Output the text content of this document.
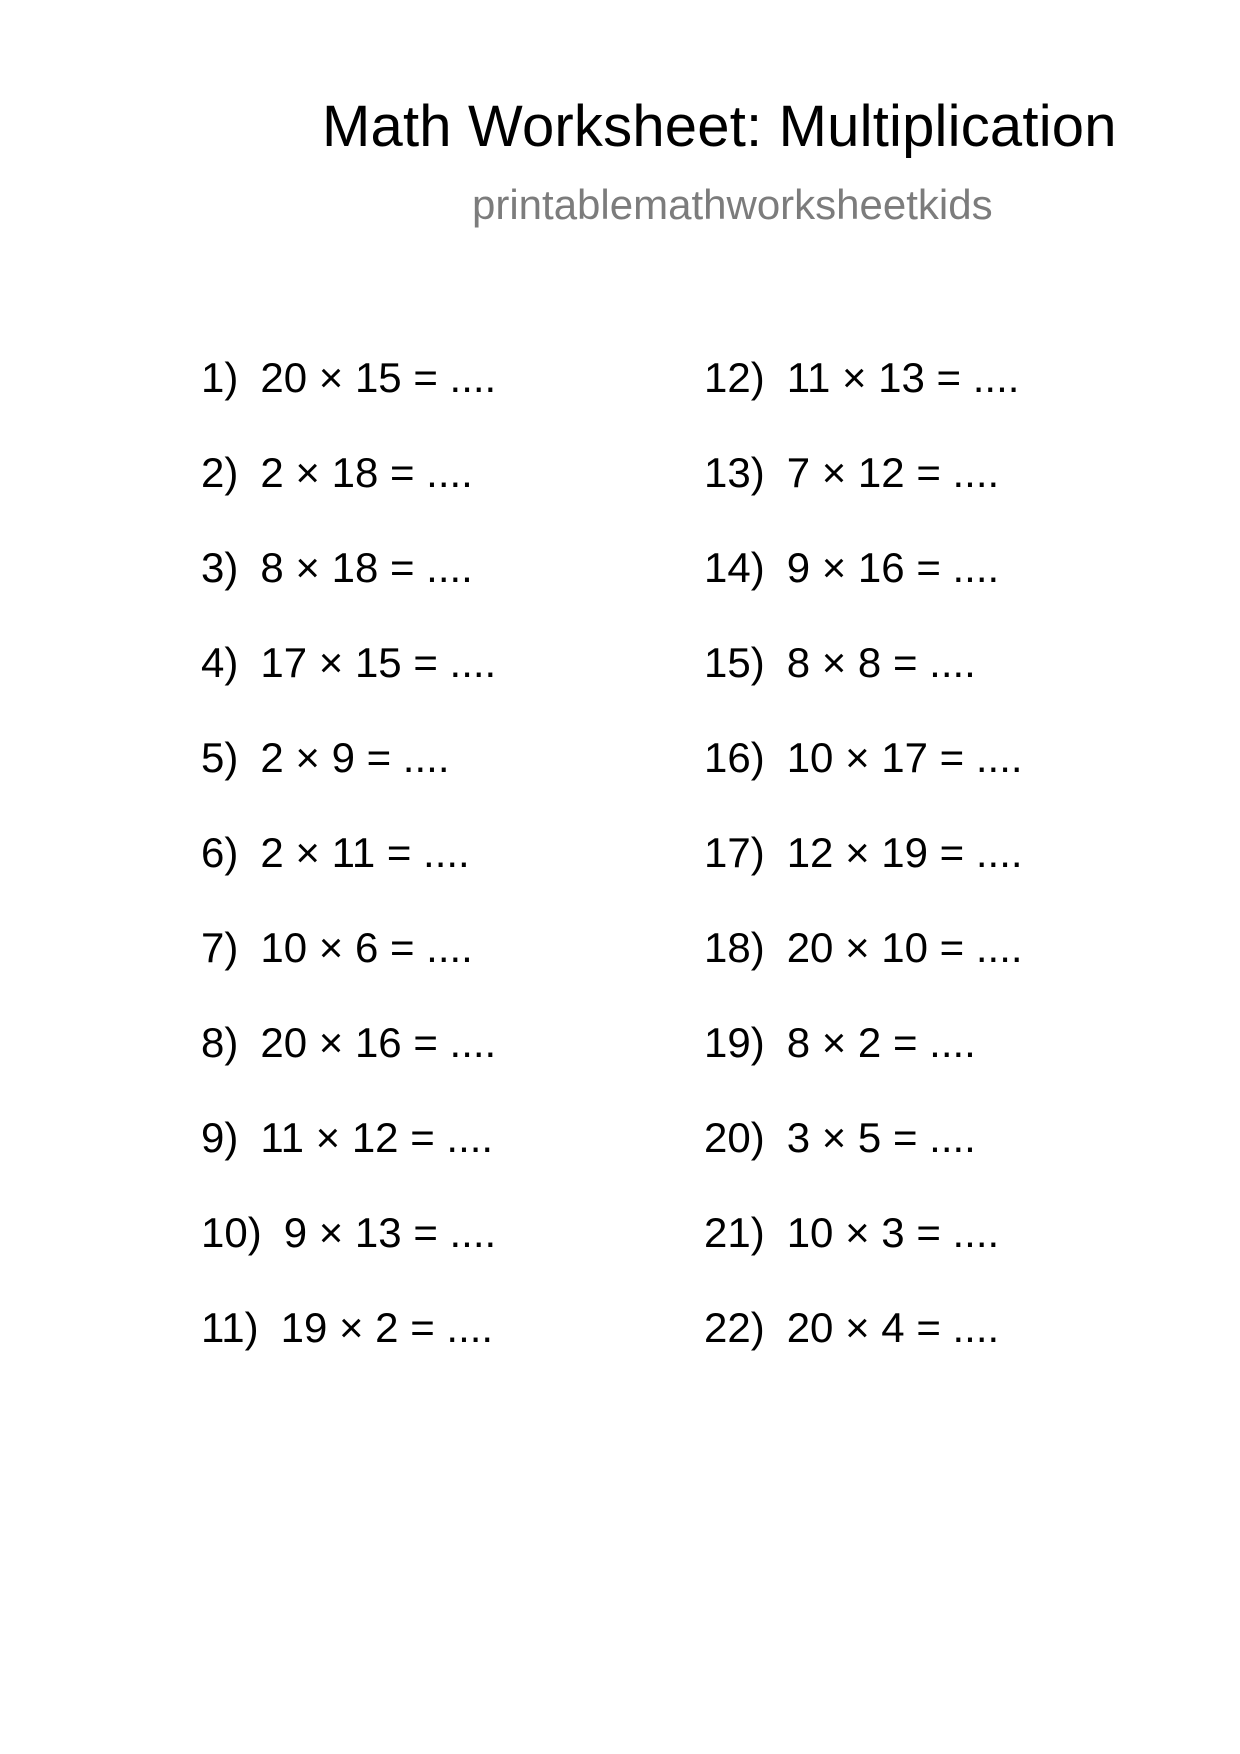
Math Worksheet: Multiplication
printablemathworksheetkids
1) 20 × 15 = ....
2) 2 × 18 = ....
3) 8 × 18 = ....
4) 17 × 15 = ....
5) 2 × 9 = ....
6) 2 × 11 = ....
7) 10 × 6 = ....
8) 20 × 16 = ....
9) 11 × 12 = ....
10) 9 × 13 = ....
11) 19 × 2 = ....
12) 11 × 13 = ....
13) 7 × 12 = ....
14) 9 × 16 = ....
15) 8 × 8 = ....
16) 10 × 17 = ....
17) 12 × 19 = ....
18) 20 × 10 = ....
19) 8 × 2 = ....
20) 3 × 5 = ....
21) 10 × 3 = ....
22) 20 × 4 = ....
